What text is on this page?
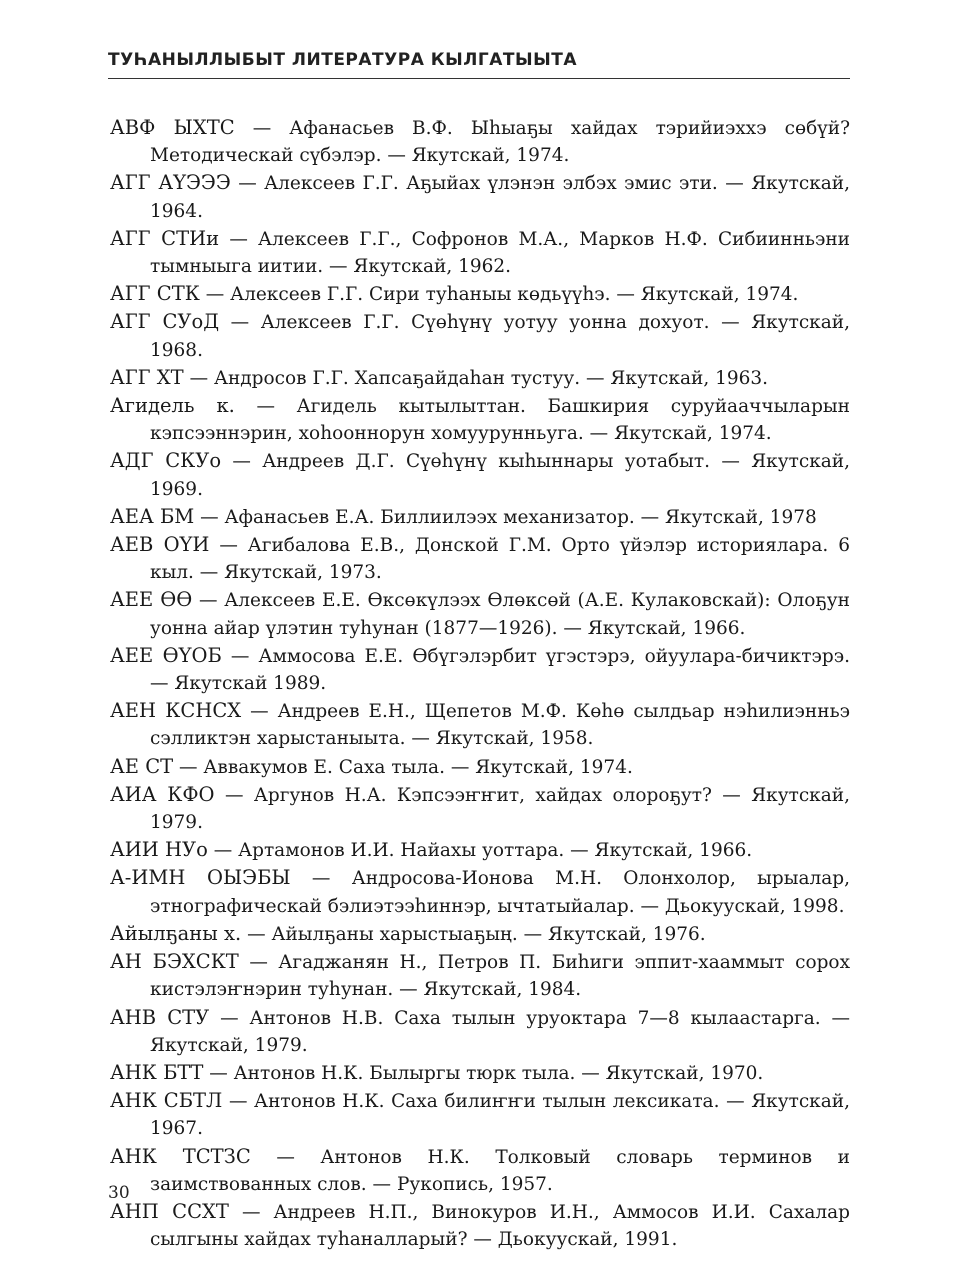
ТУҺАНЫЛЛЫБЫТ ЛИТЕРАТУРА КЫЛГАТЫЫТА

АВФ ЫХТС — Афанасьев В.Ф. Ыһыаҕы хайдах тэрийиэххэ сөбүй? Методическай сүбэлэр. — Якутскай, 1974.

АГГ АҮЭЭЭ — Алексеев Г.Г. Аҕыйах үлэнэн элбэх эмис эти. — Якутскай, 1964.

АГГ СТИи — Алексеев Г.Г., Софронов М.А., Марков Н.Ф. Сибиинньэни тымныыга иитии. — Якутскай, 1962.

АГГ СТК — Алексеев Г.Г. Сири туһаныы көдьүүһэ. — Якутскай, 1974.

АГГ СУоД — Алексеев Г.Г. Сүөһүнү уотуу уонна дохуот. — Якутскай, 1968.

АГГ ХТ — Андросов Г.Г. Хапсаҕайдаһан тустуу. — Якутскай, 1963.

Агидель к. — Агидель кытылыттан. Башкирия суруйааччыларын кэпсээннэрин, хоһооннорун хомуурунньуга. — Якутскай, 1974.

АДГ СКУо — Андреев Д.Г. Сүөһүнү кыһыннары уотабыт. — Якутскай, 1969.

АЕА БМ — Афанасьев Е.А. Биллиилээх механизатор. — Якутскай, 1978

АЕВ ОҮИ — Агибалова Е.В., Донской Г.М. Орто үйэлэр историялара. 6 кыл. — Якутскай, 1973.

АЕЕ ӨӨ — Алексеев Е.Е. Өксөкүлээх Өлөксөй (А.Е. Кулаковскай): Олоҕун уонна айар үлэтин туһунан (1877—1926). — Якутскай, 1966.

АЕЕ ӨҮОБ — Аммосова Е.Е. Өбүгэлэрбит үгэстэрэ, ойуулара-бичиктэрэ. — Якутскай 1989.

АЕН КСНСХ — Андреев Е.Н., Щепетов М.Ф. Көһө сылдьар нэһилиэнньэ сэлликтэн харыстаныыта. — Якутскай, 1958.

АЕ СТ — Аввакумов Е. Саха тыла. — Якутскай, 1974.

АИА КФО — Аргунов Н.А. Кэпсээҥҥит, хайдах олороҕут? — Якутскай, 1979.

АИИ НУо — Артамонов И.И. Найахы уоттара. — Якутскай, 1966.

А-ИМН ОЫЭБЫ — Андросова-Ионова М.Н. Олонхолор, ырыалар, этнографическай бэлиэтээһиннэр, ычтатыйалар. — Дьокуускай, 1998.

Айылҕаны х. — Айылҕаны харыстыаҕың. — Якутскай, 1976.

АН БЭХСКТ — Агаджанян Н., Петров П. Биһиги эппит-хааммыт сорох кистэлэҥнэрин туһунан. — Якутскай, 1984.

АНВ СТУ — Антонов Н.В. Саха тылын уруоктара 7—8 кылаастарга. — Якутскай, 1979.

АНК БТТ — Антонов Н.К. Былыргы тюрк тыла. — Якутскай, 1970.

АНК СБТЛ — Антонов Н.К. Саха билиҥҥи тылын лексиката. — Якутскай, 1967.

АНК ТСТЗС — Антонов Н.К. Толковый словарь терминов и заимствованных слов. — Рукопись, 1957.

АНП ССХТ — Андреев Н.П., Винокуров И.Н., Аммосов И.И. Сахалар сылгыны хайдах туһаналларый? — Дьокуускай, 1991.

30
